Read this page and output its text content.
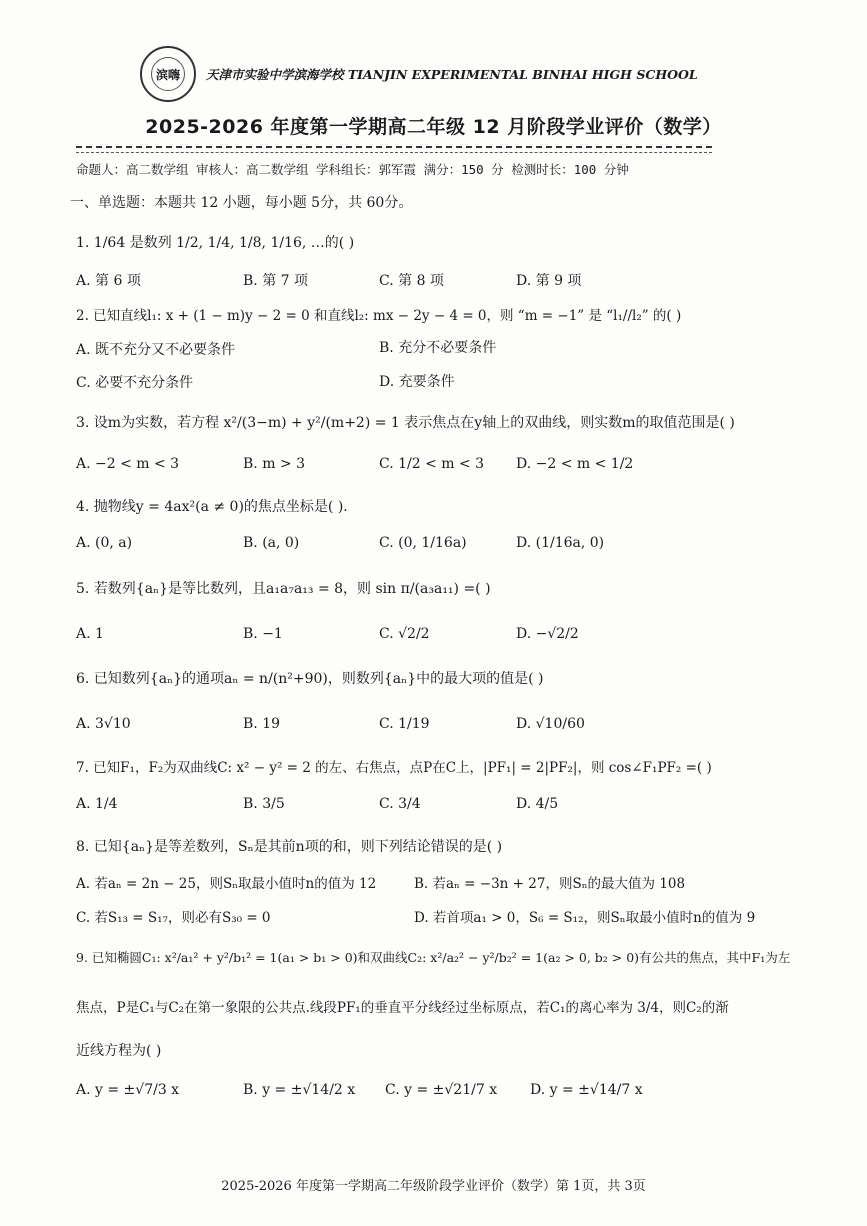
滨嗨	天津市实验中学滨海学校 TIANJIN EXPERIMENTAL BINHAI HIGH SCHOOL
2025-2026 年度第一学期高二年级 12 月阶段学业评价（数学）
命题人：高二数学组 审核人：高二数学组 学科组长：郭军霞 满分：150 分 检测时长：100 分钟
一、单选题：本题共 12 小题，每小题 5分，共 60分。
1. 1/64 是数列 1/2, 1/4, 1/8, 1/16, …的( )
A. 第 6 项	B. 第 7 项	C. 第 8 项	D. 第 9 项
2. 已知直线l₁: x + (1 − m)y − 2 = 0 和直线l₂: mx − 2y − 4 = 0，则 “m = −1” 是 “l₁//l₂” 的( )
A. 既不充分又不必要条件	B. 充分不必要条件
C. 必要不充分条件	D. 充要条件
3. 设m为实数，若方程 x²/(3−m) + y²/(m+2) = 1 表示焦点在y轴上的双曲线，则实数m的取值范围是( )
A. −2 < m < 3	B. m > 3	C. 1/2 < m < 3 D. −2 < m < 1/2
4. 抛物线y = 4ax²(a ≠ 0)的焦点坐标是( ).
A. (0, a)	B. (a, 0)	C. (0, 1/16a)	D. (1/16a, 0)
5. 若数列{aₙ}是等比数列，且a₁a₇a₁₃ = 8，则 sin π/(a₃a₁₁) =( )
A. 1	B. −1	C. √2/2	D. −√2/2
6. 已知数列{aₙ}的通项aₙ = n/(n²+90)，则数列{aₙ}中的最大项的值是( )
A. 3√10	B. 19	C. 1/19	D. √10/60
7. 已知F₁，F₂为双曲线C: x² − y² = 2 的左、右焦点，点P在C上，|PF₁| = 2|PF₂|，则 cos∠F₁PF₂ =( )
A. 1/4	B. 3/5	C. 3/4	D. 4/5
8. 已知{aₙ}是等差数列，Sₙ是其前n项的和，则下列结论错误的是( )
A. 若aₙ = 2n − 25，则Sₙ取最小值时n的值为 12	B. 若aₙ = −3n + 27，则Sₙ的最大值为 108
C. 若S₁₃ = S₁₇，则必有S₃₀ = 0	D. 若首项a₁ > 0，S₆ = S₁₂，则Sₙ取最小值时n的值为 9
9. 已知椭圆C₁: x²/a₁² + y²/b₁² = 1(a₁ > b₁ > 0)和双曲线C₂: x²/a₂² − y²/b₂² = 1(a₂ > 0, b₂ > 0)有公共的焦点，其中F₁为左
焦点，P是C₁与C₂在第一象限的公共点.线段PF₁的垂直平分线经过坐标原点，若C₁的离心率为 3/4，则C₂的渐
近线方程为( )
A. y = ±√7/3 x	B. y = ±√14/2 x C. y = ±√21/7 x D. y = ±√14/7 x
2025-2026 年度第一学期高二年级阶段学业评价（数学）第 1页，共 3页
